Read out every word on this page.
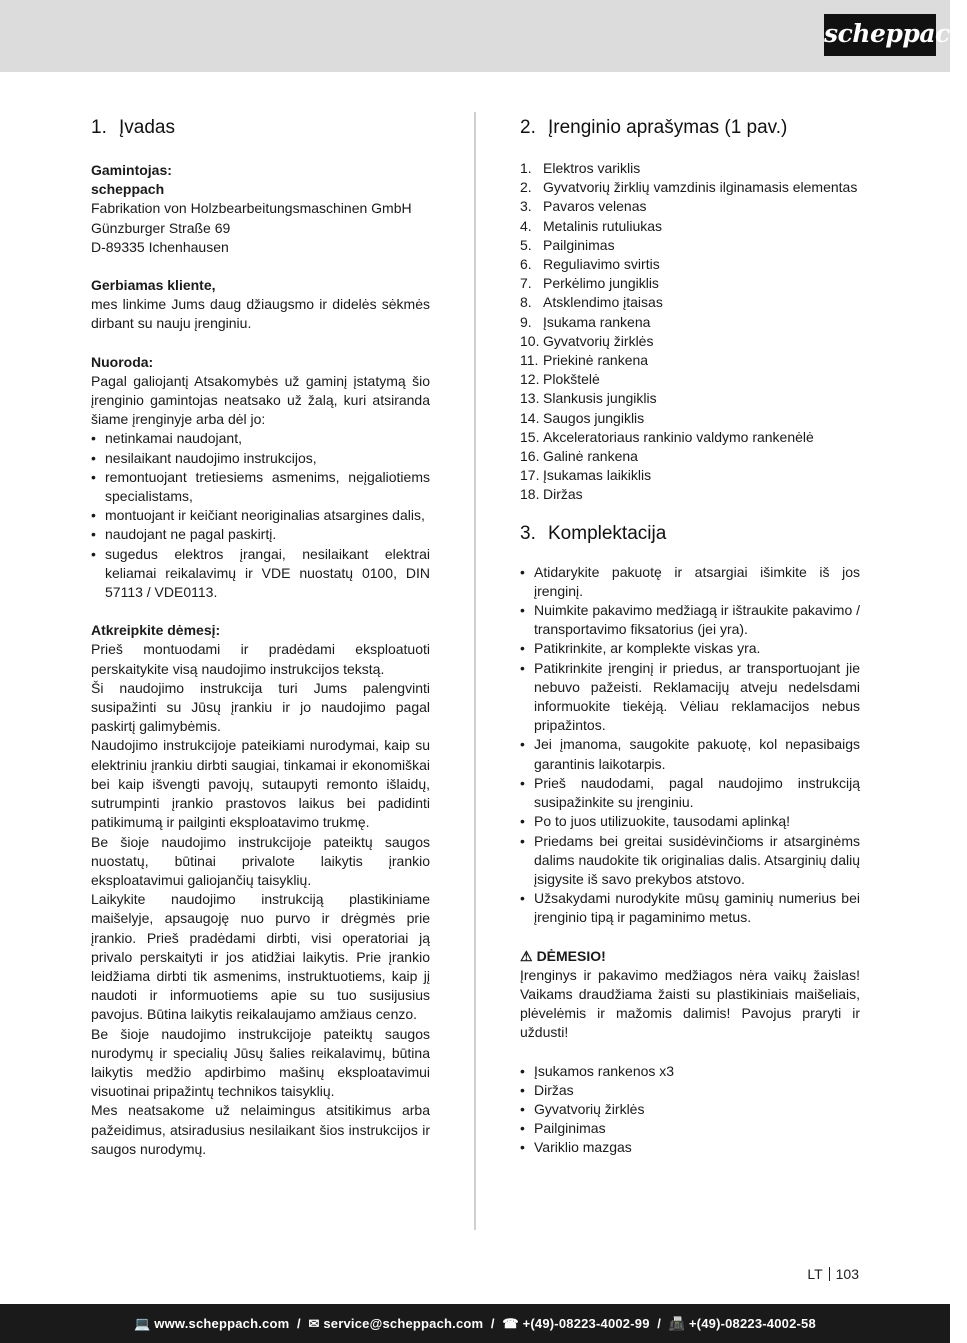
scheppach
1. Įvadas

Gamintojas:

scheppach

Fabrikation von Holzbearbeitungsmaschinen GmbH

Günzburger Straße 69

D-89335 Ichenhausen

Gerbiamas kliente,

mes linkime Jums daug džiaugsmo ir didelės sėkmės dirbant su nauju įrenginiu.

Nuoroda:

Pagal galiojantį Atsakomybės už gaminį įstatymą šio įrenginio gamintojas neatsako už žalą, kuri atsiranda šiame įrenginyje arba dėl jo:

• netinkamai naudojant,
• nesilaikant naudojimo instrukcijos,
• remontuojant tretiesiems asmenims, neįgaliotiems specialistams,
• montuojant ir keičiant neoriginalias atsargines dalis,
• naudojant ne pagal paskirtį.
• sugedus elektros įrangai, nesilaikant elektrai keliamai reikalavimų ir VDE nuostatų 0100, DIN 57113 / VDE0113.

Atkreipkite dėmesį:

Prieš montuodami ir pradėdami eksploatuoti perskaitykite visą naudojimo instrukcijos tekstą.

Ši naudojimo instrukcija turi Jums palengvinti susipažinti su Jūsų įrankiu ir jo naudojimo pagal paskirtį galimybėmis.

Naudojimo instrukcijoje pateikiami nurodymai, kaip su elektriniu įrankiu dirbti saugiai, tinkamai ir ekonomiškai bei kaip išvengti pavojų, sutaupyti remonto išlaidų, sutrumpinti įrankio prastovos laikus bei padidinti patikimumą ir pailginti eksploatavimo trukmę.

Be šioje naudojimo instrukcijoje pateiktų saugos nuostatų, būtinai privalote laikytis įrankio eksploatavimui galiojančių taisyklių.

Laikykite naudojimo instrukciją plastikiniame maišelyje, apsaugoję nuo purvo ir drėgmės prie įrankio. Prieš pradėdami dirbti, visi operatoriai ją privalo perskaityti ir jos atidžiai laikytis. Prie įrankio leidžiama dirbti tik asmenims, instruktuotiems, kaip jį naudoti ir informuotiems apie su tuo susijusius pavojus. Būtina laikytis reikalaujamo amžiaus cenzo.

Be šioje naudojimo instrukcijoje pateiktų saugos nurodymų ir specialių Jūsų šalies reikalavimų, būtina laikytis medžio apdirbimo mašinų eksploatavimui visuotinai pripažintų technikos taisyklių.

Mes neatsakome už nelaimingus atsitikimus arba pažeidimus, atsiradusius nesilaikant šios instrukcijos ir saugos nurodymų.

2. Įrenginio aprašymas (1 pav.)
1. Elektros variklis
2. Gyvatvorių žirklių vamzdinis ilginamasis elementas
3. Pavaros velenas
4. Metalinis rutuliukas
5. Pailginimas
6. Reguliavimo svirtis
7. Perkėlimo jungiklis
8. Atsklendimo įtaisas
9. Įsukama rankena
10. Gyvatvorių žirklės
11. Priekinė rankena
12. Plokštelė
13. Slankusis jungiklis
14. Saugos jungiklis
15. Akceleratoriaus rankinio valdymo rankenėlė
16. Galinė rankena
17. Įsukamas laikiklis
18. Diržas
3. Komplektacija
• Atidarykite pakuotę ir atsargiai išimkite iš jos įrenginį.
• Nuimkite pakavimo medžiagą ir ištraukite pakavimo / transportavimo fiksatorius (jei yra).
• Patikrinkite, ar komplekte viskas yra.
• Patikrinkite įrenginį ir priedus, ar transportuojant jie nebuvo pažeisti. Reklamacijų atveju nedelsdami informuokite tiekėją. Vėliau reklamacijos nebus pripažintos.
• Jei įmanoma, saugokite pakuotę, kol nepasibaigs garantinis laikotarpis.
• Prieš naudodami, pagal naudojimo instrukciją susipažinkite su įrenginiu.
• Po to juos utilizuokite, tausodami aplinką!
• Priedams bei greitai susidėvinčioms ir atsarginėms dalims naudokite tik originalias dalis. Atsarginių dalių įsigysite iš savo prekybos atstovo.
• Užsakydami nurodykite mūsų gaminių numerius bei įrenginio tipą ir pagaminimo metus.

⚠ DĖMESIO!

Įrenginys ir pakavimo medžiagos nėra vaikų žaislas! Vaikams draudžiama žaisti su plastikiniais maišeliais, plėvelėmis ir mažomis dalimis! Pavojus praryti ir uždusti!

• Įsukamos rankenos x3
• Diržas
• Gyvatvorių žirklės
• Pailginimas
• Variklio mazgas
LT 103
💻 www.scheppach.com  /  ✉ service@scheppach.com  /  ☎ +(49)-08223-4002-99  /  📠 +(49)-08223-4002-58
